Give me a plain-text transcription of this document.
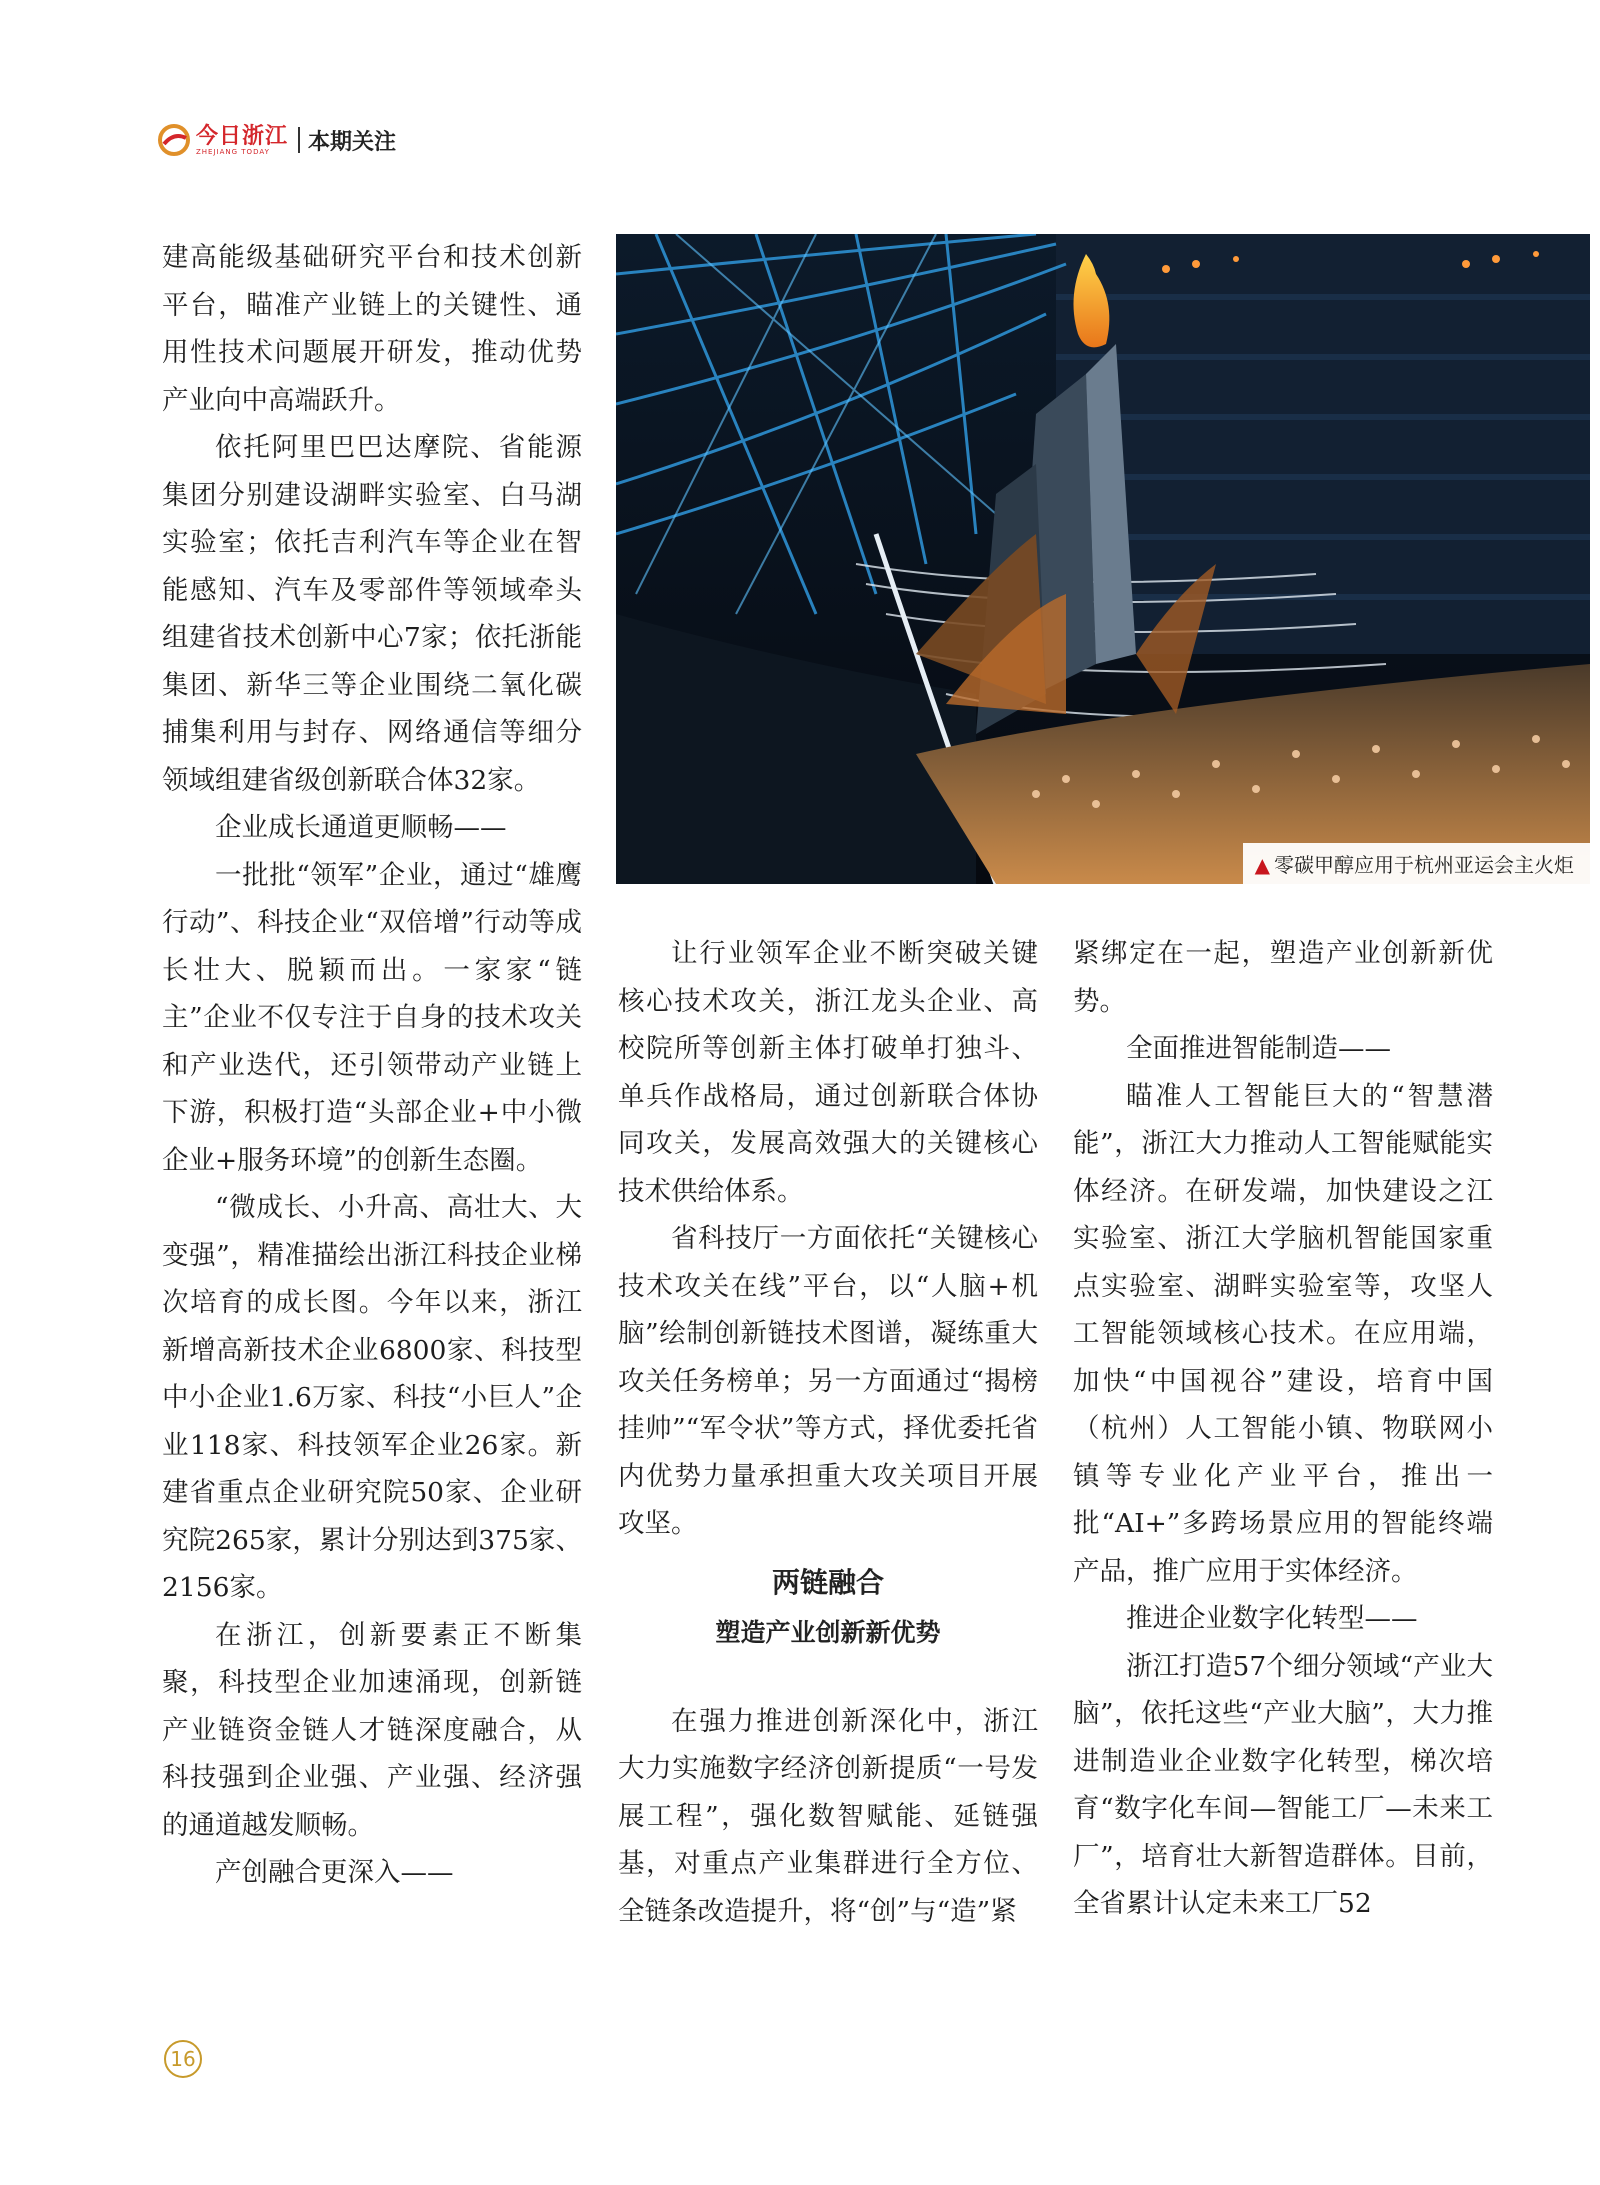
今日浙江
ZHEJIANG TODAY	本期关注

建高能级基础研究平台和技术创新平台，瞄准产业链上的关键性、通用性技术问题展开研发，推动优势产业向中高端跃升。

依托阿里巴巴达摩院、省能源集团分别建设湖畔实验室、白马湖实验室；依托吉利汽车等企业在智能感知、汽车及零部件等领域牵头组建省技术创新中心7家；依托浙能集团、新华三等企业围绕二氧化碳捕集利用与封存、网络通信等细分领域组建省级创新联合体32家。

企业成长通道更顺畅——

一批批“领军”企业，通过“雄鹰行动”、科技企业“双倍增”行动等成长壮大、脱颖而出。一家家“链主”企业不仅专注于自身的技术攻关和产业迭代，还引领带动产业链上下游，积极打造“头部企业+中小微企业+服务环境”的创新生态圈。

“微成长、小升高、高壮大、大变强”，精准描绘出浙江科技企业梯次培育的成长图。今年以来，浙江新增高新技术企业6800家、科技型中小企业1.6万家、科技“小巨人”企业118家、科技领军企业26家。新建省重点企业研究院50家、企业研究院265家，累计分别达到375家、2156家。

在浙江，创新要素正不断集聚，科技型企业加速涌现，创新链产业链资金链人才链深度融合，从科技强到企业强、产业强、经济强的通道越发顺畅。

产创融合更深入——

▲ 零碳甲醇应用于杭州亚运会主火炬

让行业领军企业不断突破关键核心技术攻关，浙江龙头企业、高校院所等创新主体打破单打独斗、单兵作战格局，通过创新联合体协同攻关，发展高效强大的关键核心技术供给体系。

省科技厅一方面依托“关键核心技术攻关在线”平台，以“人脑+机脑”绘制创新链技术图谱，凝练重大攻关任务榜单；另一方面通过“揭榜挂帅”“军令状”等方式，择优委托省内优势力量承担重大攻关项目开展攻坚。

两链融合
塑造产业创新新优势

在强力推进创新深化中，浙江大力实施数字经济创新提质“一号发展工程”，强化数智赋能、延链强基，对重点产业集群进行全方位、全链条改造提升，将“创”与“造”紧

紧绑定在一起，塑造产业创新新优势。

全面推进智能制造——

瞄准人工智能巨大的“智慧潜能”，浙江大力推动人工智能赋能实体经济。在研发端，加快建设之江实验室、浙江大学脑机智能国家重点实验室、湖畔实验室等，攻坚人工智能领域核心技术。在应用端，加快“中国视谷”建设，培育中国（杭州）人工智能小镇、物联网小镇等专业化产业平台，推出一批“AI+”多跨场景应用的智能终端产品，推广应用于实体经济。

推进企业数字化转型——

浙江打造57个细分领域“产业大脑”，依托这些“产业大脑”，大力推进制造业企业数字化转型，梯次培育“数字化车间—智能工厂—未来工厂”，培育壮大新智造群体。目前，全省累计认定未来工厂52

16
